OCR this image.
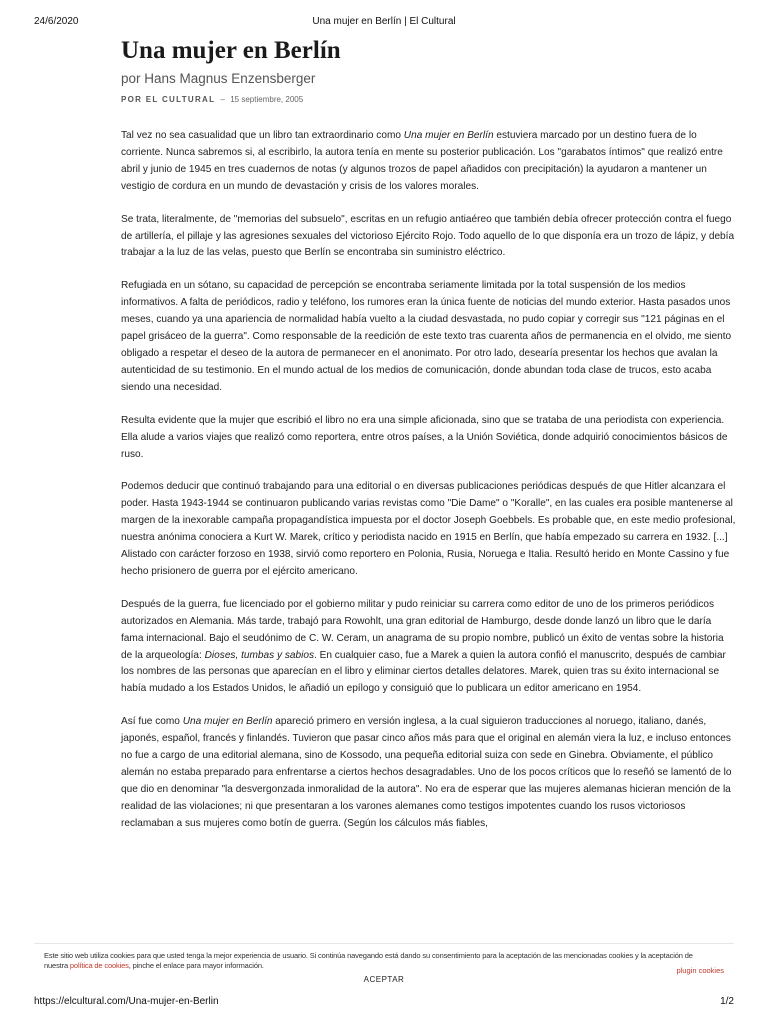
24/6/2020	Una mujer en Berlín | El Cultural
Una mujer en Berlín
por Hans Magnus Enzensberger
POR EL CULTURAL – 15 septiembre, 2005

Tal vez no sea casualidad que un libro tan extraordinario como Una mujer en Berlín estuviera marcado por un destino fuera de lo corriente. Nunca sabremos si, al escribirlo, la autora tenía en mente su posterior publicación. Los "garabatos íntimos" que realizó entre abril y junio de 1945 en tres cuadernos de notas (y algunos trozos de papel añadidos con precipitación) la ayudaron a mantener un vestigio de cordura en un mundo de devastación y crisis de los valores morales.

Se trata, literalmente, de "memorias del subsuelo", escritas en un refugio antiaéreo que también debía ofrecer protección contra el fuego de artillería, el pillaje y las agresiones sexuales del victorioso Ejército Rojo. Todo aquello de lo que disponía era un trozo de lápiz, y debía trabajar a la luz de las velas, puesto que Berlín se encontraba sin suministro eléctrico.

Refugiada en un sótano, su capacidad de percepción se encontraba seriamente limitada por la total suspensión de los medios informativos. A falta de periódicos, radio y teléfono, los rumores eran la única fuente de noticias del mundo exterior. Hasta pasados unos meses, cuando ya una apariencia de normalidad había vuelto a la ciudad desvastada, no pudo copiar y corregir sus "121 páginas en el papel grisáceo de la guerra". Como responsable de la reedición de este texto tras cuarenta años de permanencia en el olvido, me siento obligado a respetar el deseo de la autora de permanecer en el anonimato. Por otro lado, desearía presentar los hechos que avalan la autenticidad de su testimonio. En el mundo actual de los medios de comunicación, donde abundan toda clase de trucos, esto acaba siendo una necesidad.

Resulta evidente que la mujer que escribió el libro no era una simple aficionada, sino que se trataba de una periodista con experiencia. Ella alude a varios viajes que realizó como reportera, entre otros países, a la Unión Soviética, donde adquirió conocimientos básicos de ruso.

Podemos deducir que continuó trabajando para una editorial o en diversas publicaciones periódicas después de que Hitler alcanzara el poder. Hasta 1943-1944 se continuaron publicando varias revistas como "Die Dame" o "Koralle", en las cuales era posible mantenerse al margen de la inexorable campaña propagandística impuesta por el doctor Joseph Goebbels. Es probable que, en este medio profesional, nuestra anónima conociera a Kurt W. Marek, crítico y periodista nacido en 1915 en Berlín, que había empezado su carrera en 1932. [...] Alistado con carácter forzoso en 1938, sirvió como reportero en Polonia, Rusia, Noruega e Italia. Resultó herido en Monte Cassino y fue hecho prisionero de guerra por el ejército americano.

Después de la guerra, fue licenciado por el gobierno militar y pudo reiniciar su carrera como editor de uno de los primeros periódicos autorizados en Alemania. Más tarde, trabajó para Rowohlt, una gran editorial de Hamburgo, desde donde lanzó un libro que le daría fama internacional. Bajo el seudónimo de C. W. Ceram, un anagrama de su propio nombre, publicó un éxito de ventas sobre la historia de la arqueología: Dioses, tumbas y sabios. En cualquier caso, fue a Marek a quien la autora confió el manuscrito, después de cambiar los nombres de las personas que aparecían en el libro y eliminar ciertos detalles delatores. Marek, quien tras su éxito internacional se había mudado a los Estados Unidos, le añadió un epílogo y consiguió que lo publicara un editor americano en 1954.

Así fue como Una mujer en Berlín apareció primero en versión inglesa, a la cual siguieron traducciones al noruego, italiano, danés, japonés, español, francés y finlandés. Tuvieron que pasar cinco años más para que el original en alemán viera la luz, e incluso entonces no fue a cargo de una editorial alemana, sino de Kossodo, una pequeña editorial suiza con sede en Ginebra. Obviamente, el público alemán no estaba preparado para enfrentarse a ciertos hechos desagradables. Uno de los pocos críticos que lo reseñó se lamentó de lo que dio en denominar "la desvergonzada inmoralidad de la autora". No era de esperar que las mujeres alemanas hicieran mención de la realidad de las violaciones; ni que presentaran a los varones alemanes como testigos impotentes cuando los rusos victoriosos reclamaban a sus mujeres como botín de guerra. (Según los cálculos más fiables,

Este sitio web utiliza cookies para que usted tenga la mejor experiencia de usuario. Si continúa navegando está dando su consentimiento para la aceptación de las mencionadas cookies y la aceptación de nuestra política de cookies, pinche el enlace para mayor información.
plugin cookies
ACEPTAR
https://elcultural.com/Una-mujer-en-Berlin	1/2
